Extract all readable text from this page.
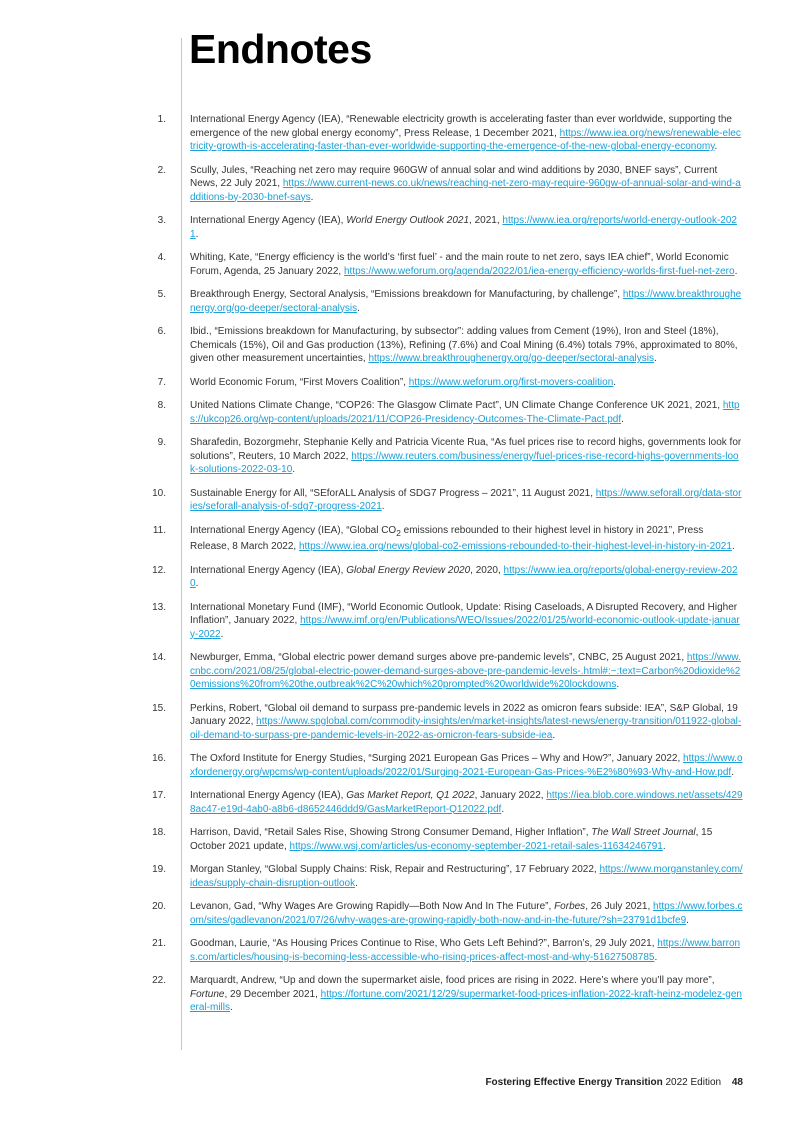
Endnotes
1. International Energy Agency (IEA), “Renewable electricity growth is accelerating faster than ever worldwide, supporting the emergence of the new global energy economy”, Press Release, 1 December 2021, https://www.iea.org/news/renewable-electricity-growth-is-accelerating-faster-than-ever-worldwide-supporting-the-emergence-of-the-new-global-energy-economy.
2. Scully, Jules, “Reaching net zero may require 960GW of annual solar and wind additions by 2030, BNEF says”, Current News, 22 July 2021, https://www.current-news.co.uk/news/reaching-net-zero-may-require-960gw-of-annual-solar-and-wind-additions-by-2030-bnef-says.
3. International Energy Agency (IEA), World Energy Outlook 2021, 2021, https://www.iea.org/reports/world-energy-outlook-2021.
4. Whiting, Kate, “Energy efficiency is the world’s ‘first fuel’ - and the main route to net zero, says IEA chief”, World Economic Forum, Agenda, 25 January 2022, https://www.weforum.org/agenda/2022/01/iea-energy-efficiency-worlds-first-fuel-net-zero.
5. Breakthrough Energy, Sectoral Analysis, “Emissions breakdown for Manufacturing, by challenge”, https://www.breakthroughenergy.org/go-deeper/sectoral-analysis.
6. Ibid., “Emissions breakdown for Manufacturing, by subsector”: adding values from Cement (19%), Iron and Steel (18%), Chemicals (15%), Oil and Gas production (13%), Refining (7.6%) and Coal Mining (6.4%) totals 79%, approximated to 80%, given other measurement uncertainties, https://www.breakthroughenergy.org/go-deeper/sectoral-analysis.
7. World Economic Forum, “First Movers Coalition”, https://www.weforum.org/first-movers-coalition.
8. United Nations Climate Change, “COP26: The Glasgow Climate Pact”, UN Climate Change Conference UK 2021, 2021, https://ukcop26.org/wp-content/uploads/2021/11/COP26-Presidency-Outcomes-The-Climate-Pact.pdf.
9. Sharafedin, Bozorgmehr, Stephanie Kelly and Patricia Vicente Rua, “As fuel prices rise to record highs, governments look for solutions”, Reuters, 10 March 2022, https://www.reuters.com/business/energy/fuel-prices-rise-record-highs-governments-look-solutions-2022-03-10.
10. Sustainable Energy for All, “SEforALL Analysis of SDG7 Progress – 2021”, 11 August 2021, https://www.seforall.org/data-stories/seforall-analysis-of-sdg7-progress-2021.
11. International Energy Agency (IEA), “Global $CO_2$ emissions rebounded to their highest level in history in 2021”, Press Release, 8 March 2022, https://www.iea.org/news/global-co2-emissions-rebounded-to-their-highest-level-in-history-in-2021.
12. International Energy Agency (IEA), Global Energy Review 2020, 2020, https://www.iea.org/reports/global-energy-review-2020.
13. International Monetary Fund (IMF), “World Economic Outlook, Update: Rising Caseloads, A Disrupted Recovery, and Higher Inflation”, January 2022, https://www.imf.org/en/Publications/WEO/Issues/2022/01/25/world-economic-outlook-update-january-2022.
14. Newburger, Emma, “Global electric power demand surges above pre-pandemic levels”, CNBC, 25 August 2021, https://www.cnbc.com/2021/08/25/global-electric-power-demand-surges-above-pre-pandemic-levels-.html#:~:text=Carbon%20dioxide%20emissions%20from%20the,outbreak%2C%20which%20prompted%20worldwide%20lockdowns.
15. Perkins, Robert, “Global oil demand to surpass pre-pandemic levels in 2022 as omicron fears subside: IEA”, S&P Global, 19 January 2022, https://www.spglobal.com/commodity-insights/en/market-insights/latest-news/energy-transition/011922-global-oil-demand-to-surpass-pre-pandemic-levels-in-2022-as-omicron-fears-subside-iea.
16. The Oxford Institute for Energy Studies, “Surging 2021 European Gas Prices – Why and How?”, January 2022, https://www.oxfordenergy.org/wpcms/wp-content/uploads/2022/01/Surging-2021-European-Gas-Prices-%E2%80%93-Why-and-How.pdf.
17. International Energy Agency (IEA), Gas Market Report, Q1 2022, January 2022, https://iea.blob.core.windows.net/assets/4298ac47-e19d-4ab0-a8b6-d8652446ddd9/GasMarketReport-Q12022.pdf.
18. Harrison, David, “Retail Sales Rise, Showing Strong Consumer Demand, Higher Inflation”, The Wall Street Journal, 15 October 2021 update, https://www.wsj.com/articles/us-economy-september-2021-retail-sales-11634246791.
19. Morgan Stanley, “Global Supply Chains: Risk, Repair and Restructuring”, 17 February 2022, https://www.morganstanley.com/ideas/supply-chain-disruption-outlook.
20. Levanon, Gad, “Why Wages Are Growing Rapidly—Both Now And In The Future”, Forbes, 26 July 2021, https://www.forbes.com/sites/gadlevanon/2021/07/26/why-wages-are-growing-rapidly-both-now-and-in-the-future/?sh=23791d1bcfe9.
21. Goodman, Laurie, “As Housing Prices Continue to Rise, Who Gets Left Behind?”, Barron’s, 29 July 2021, https://www.barrons.com/articles/housing-is-becoming-less-accessible-who-rising-prices-affect-most-and-why-51627508785.
22. Marquardt, Andrew, “Up and down the supermarket aisle, food prices are rising in 2022. Here’s where you’ll pay more”, Fortune, 29 December 2021, https://fortune.com/2021/12/29/supermarket-food-prices-inflation-2022-kraft-heinz-modelez-general-mills.
Fostering Effective Energy Transition 2022 Edition 48
